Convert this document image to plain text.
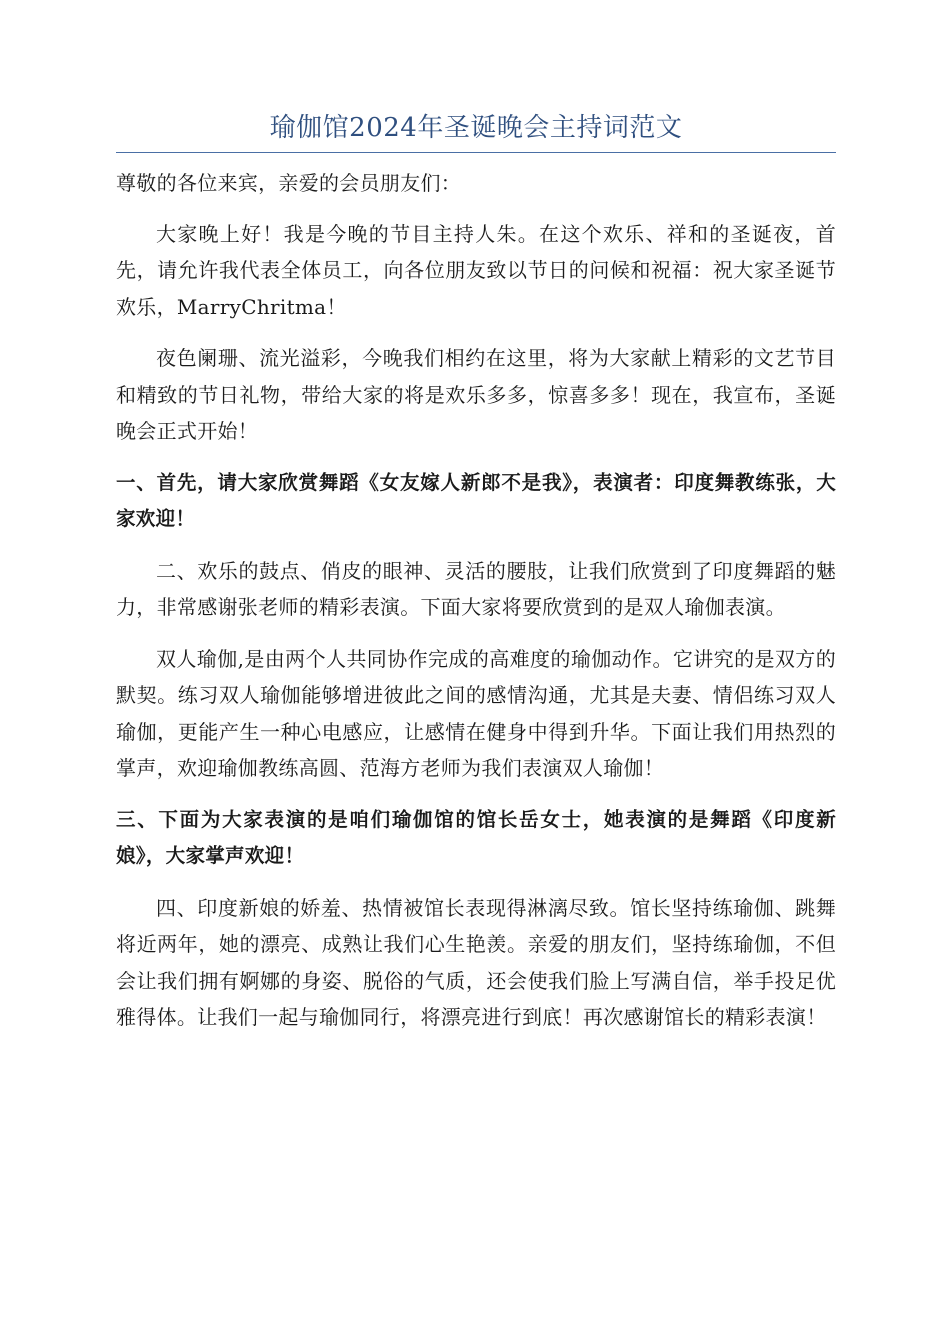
瑜伽馆2024年圣诞晚会主持词范文

尊敬的各位来宾，亲爱的会员朋友们：

大家晚上好！我是今晚的节目主持人朱。在这个欢乐、祥和的圣诞夜，首先，请允许我代表全体员工，向各位朋友致以节日的问候和祝福：祝大家圣诞节欢乐，MarryChritma！

夜色阑珊、流光溢彩，今晚我们相约在这里，将为大家献上精彩的文艺节目和精致的节日礼物，带给大家的将是欢乐多多，惊喜多多！现在，我宣布，圣诞晚会正式开始！

一、首先，请大家欣赏舞蹈《女友嫁人新郎不是我》，表演者：印度舞教练张，大家欢迎！

二、欢乐的鼓点、俏皮的眼神、灵活的腰肢，让我们欣赏到了印度舞蹈的魅力，非常感谢张老师的精彩表演。下面大家将要欣赏到的是双人瑜伽表演。

双人瑜伽,是由两个人共同协作完成的高难度的瑜伽动作。它讲究的是双方的默契。练习双人瑜伽能够增进彼此之间的感情沟通，尤其是夫妻、情侣练习双人瑜伽，更能产生一种心电感应，让感情在健身中得到升华。下面让我们用热烈的掌声，欢迎瑜伽教练高圆、范海方老师为我们表演双人瑜伽！

三、下面为大家表演的是咱们瑜伽馆的馆长岳女士，她表演的是舞蹈《印度新娘》，大家掌声欢迎！

四、印度新娘的娇羞、热情被馆长表现得淋漓尽致。馆长坚持练瑜伽、跳舞将近两年，她的漂亮、成熟让我们心生艳羡。亲爱的朋友们，坚持练瑜伽，不但会让我们拥有婀娜的身姿、脱俗的气质，还会使我们脸上写满自信，举手投足优雅得体。让我们一起与瑜伽同行，将漂亮进行到底！再次感谢馆长的精彩表演！
